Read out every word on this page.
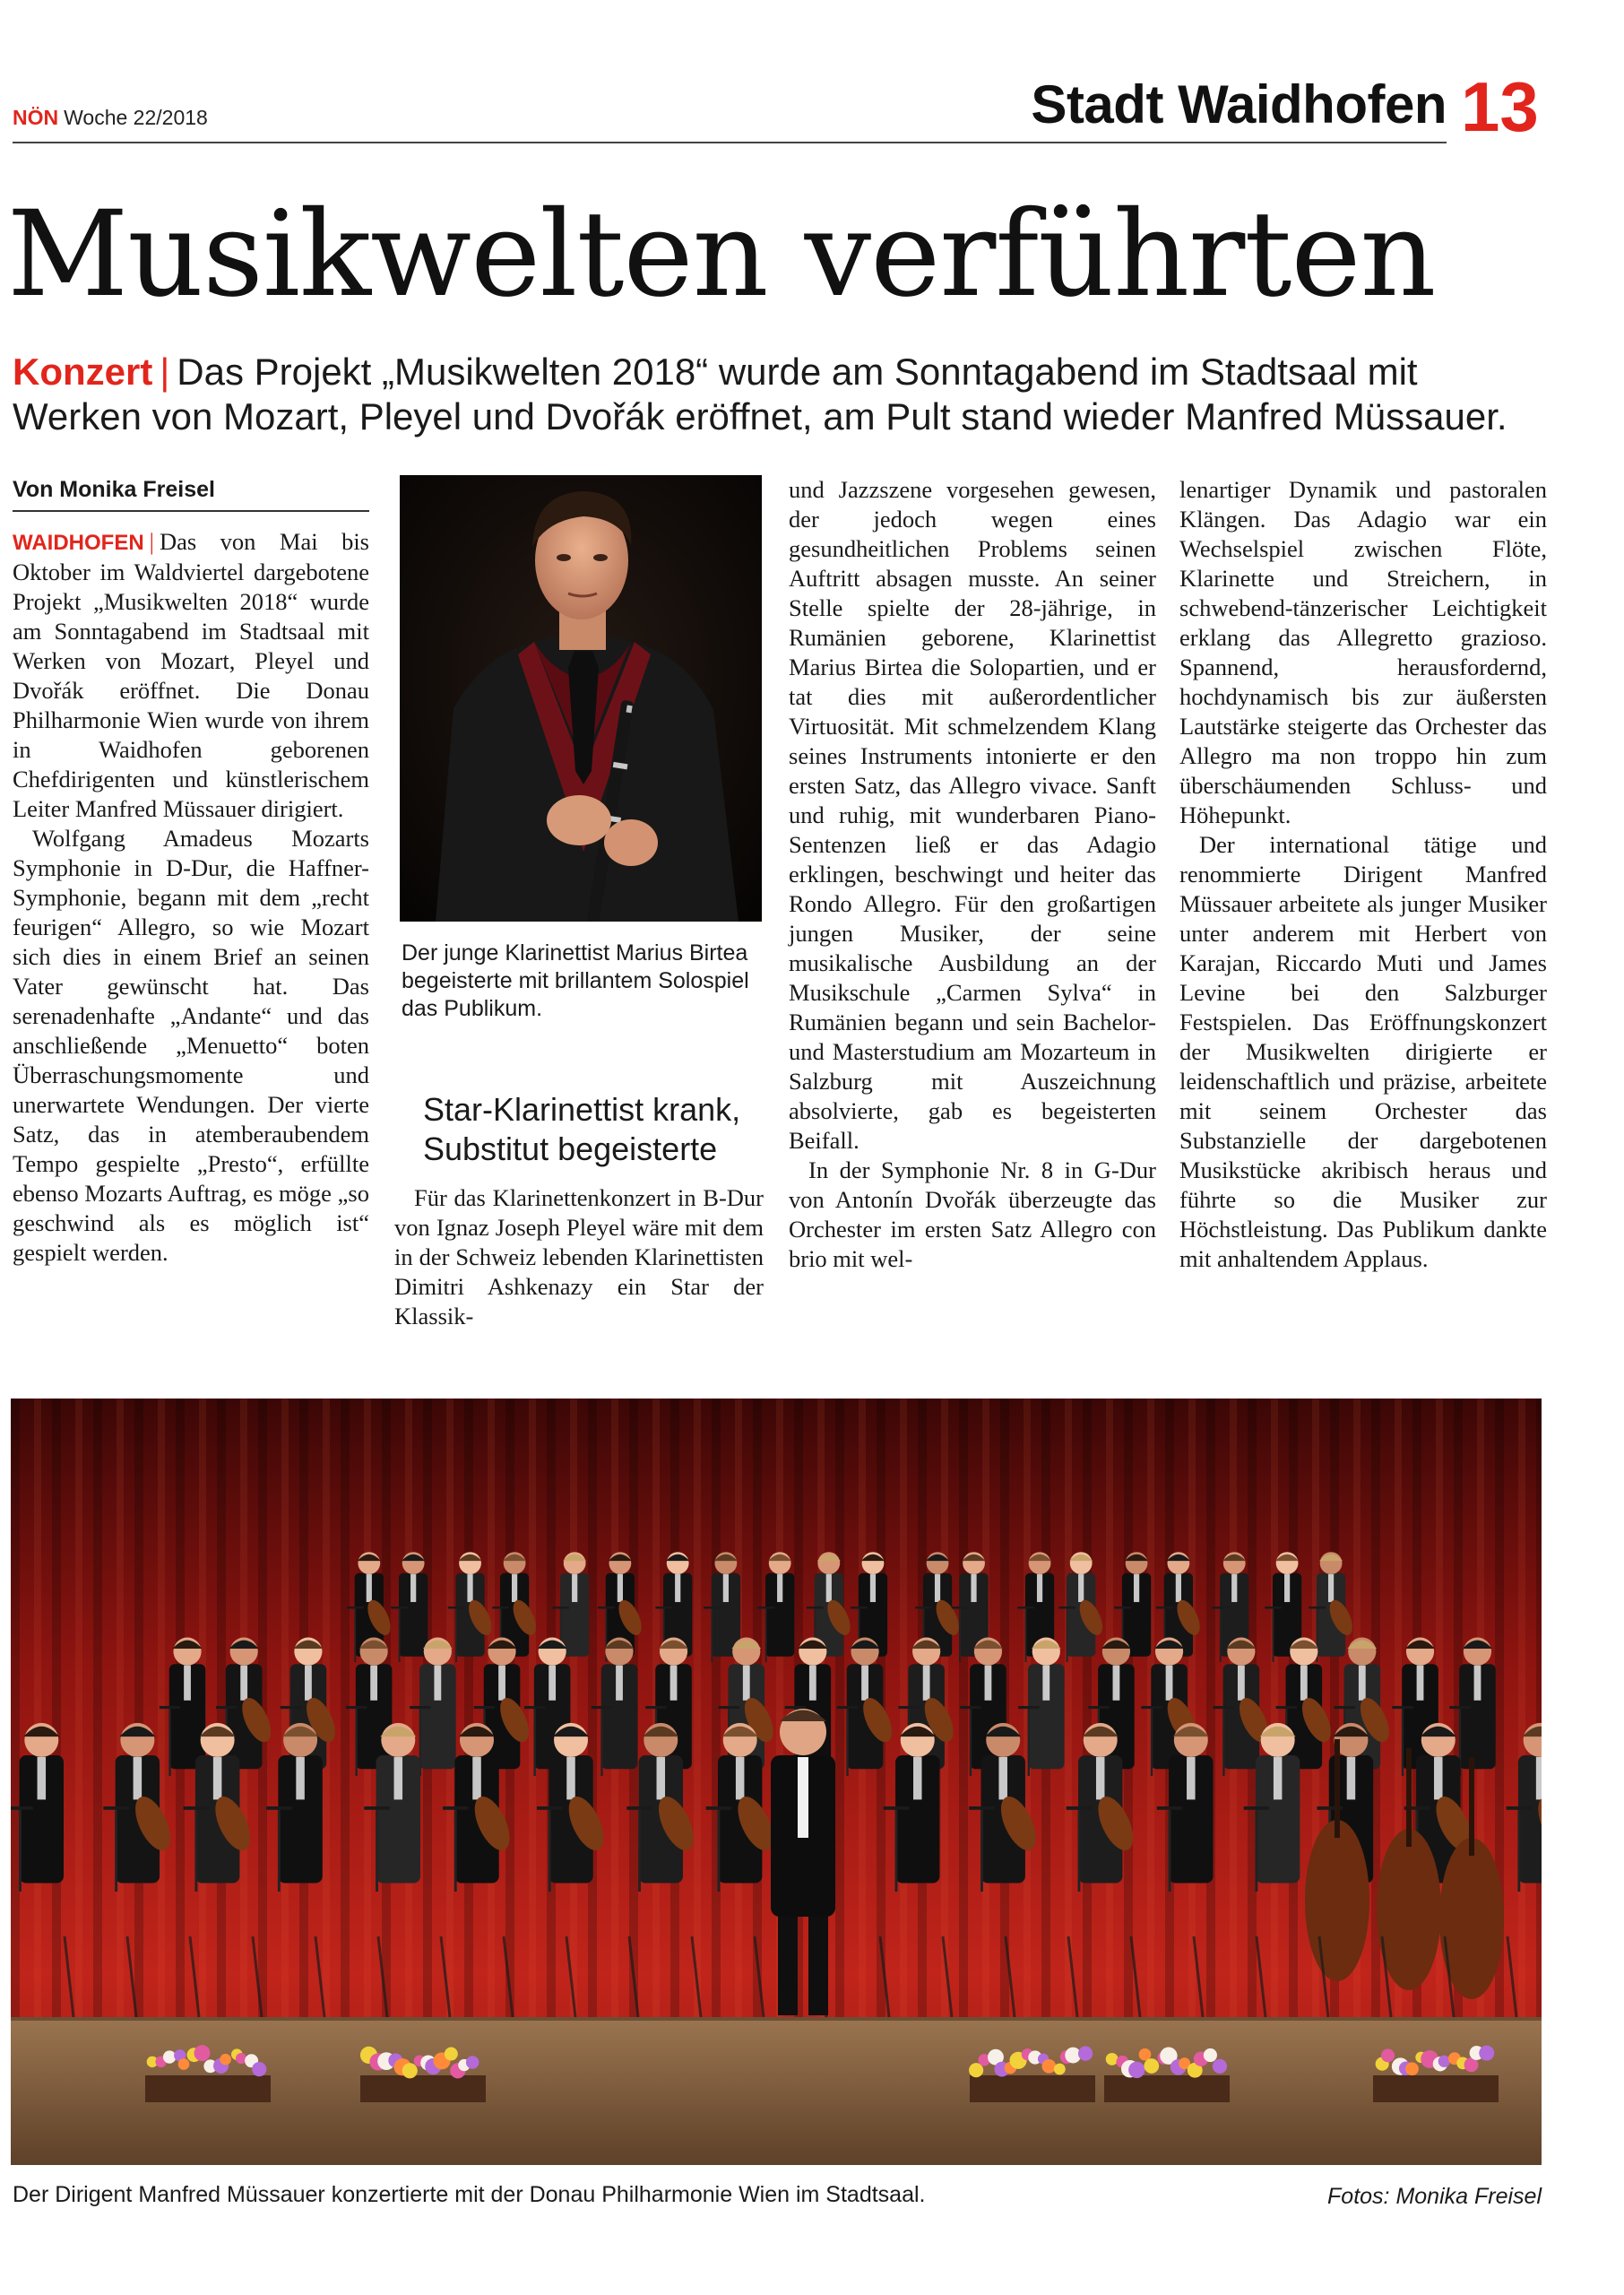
NÖN Woche 22/2018	Stadt Waidhofen 13
Musikwelten verführten
Konzert | Das Projekt „Musikwelten 2018“ wurde am Sonntagabend im Stadtsaal mit Werken von Mozart, Pleyel und Dvořák eröffnet, am Pult stand wieder Manfred Müssauer.
Von Monika Freisel

WAIDHOFEN | Das von Mai bis Oktober im Waldviertel dargebotene Projekt „Musikwelten 2018“ wurde am Sonntagabend im Stadtsaal mit Werken von Mozart, Pleyel und Dvořák eröffnet. Die Donau Philharmonie Wien wurde von ihrem in Waidhofen geborenen Chefdirigenten und künstlerischem Leiter Manfred Müssauer dirigiert.

Wolfgang Amadeus Mozarts Symphonie in D-Dur, die Haffner-Symphonie, begann mit dem „recht feurigen“ Allegro, so wie Mozart sich dies in einem Brief an seinen Vater gewünscht hat. Das serenadenhafte „Andante“ und das anschließende „Menuetto“ boten Überraschungsmomente und unerwartete Wendungen. Der vierte Satz, das in atemberaubendem Tempo gespielte „Presto“, erfüllte ebenso Mozarts Auftrag, es möge „so geschwind als es möglich ist“ gespielt werden.

Der junge Klarinettist Marius Birtea begeisterte mit brillantem Solospiel das Publikum.
Star-Klarinettist krank, Substitut begeisterte

Für das Klarinettenkonzert in B-Dur von Ignaz Joseph Pleyel wäre mit dem in der Schweiz lebenden Klarinettisten Dimitri Ashkenazy ein Star der Klassik-

und Jazzszene vorgesehen gewesen, der jedoch wegen eines gesundheitlichen Problems seinen Auftritt absagen musste. An seiner Stelle spielte der 28-jährige, in Rumänien geborene, Klarinettist Marius Birtea die Solopartien, und er tat dies mit außerordentlicher Virtuosität. Mit schmelzendem Klang seines Instruments intonierte er den ersten Satz, das Allegro vivace. Sanft und ruhig, mit wunderbaren Piano-Sentenzen ließ er das Adagio erklingen, beschwingt und heiter das Rondo Allegro. Für den großartigen jungen Musiker, der seine musikalische Ausbildung an der Musikschule „Carmen Sylva“ in Rumänien begann und sein Bachelor- und Masterstudium am Mozarteum in Salzburg mit Auszeichnung absolvierte, gab es begeisterten Beifall.

In der Symphonie Nr. 8 in G-Dur von Antonín Dvořák überzeugte das Orchester im ersten Satz Allegro con brio mit wel-

lenartiger Dynamik und pastoralen Klängen. Das Adagio war ein Wechselspiel zwischen Flöte, Klarinette und Streichern, in schwebend-tänzerischer Leichtigkeit erklang das Allegretto grazioso. Spannend, herausfordernd, hochdynamisch bis zur äußersten Lautstärke steigerte das Orchester das Allegro ma non troppo hin zum überschäumenden Schluss- und Höhepunkt.

Der international tätige und renommierte Dirigent Manfred Müssauer arbeitete als junger Musiker unter anderem mit Herbert von Karajan, Riccardo Muti und James Levine bei den Salzburger Festspielen. Das Eröffnungskonzert der Musikwelten dirigierte er leidenschaftlich und präzise, arbeitete mit seinem Orchester das Substanzielle der dargebotenen Musikstücke akribisch heraus und führte so die Musiker zur Höchstleistung. Das Publikum dankte mit anhaltendem Applaus.

Der Dirigent Manfred Müssauer konzertierte mit der Donau Philharmonie Wien im Stadtsaal.	Fotos: Monika Freisel
